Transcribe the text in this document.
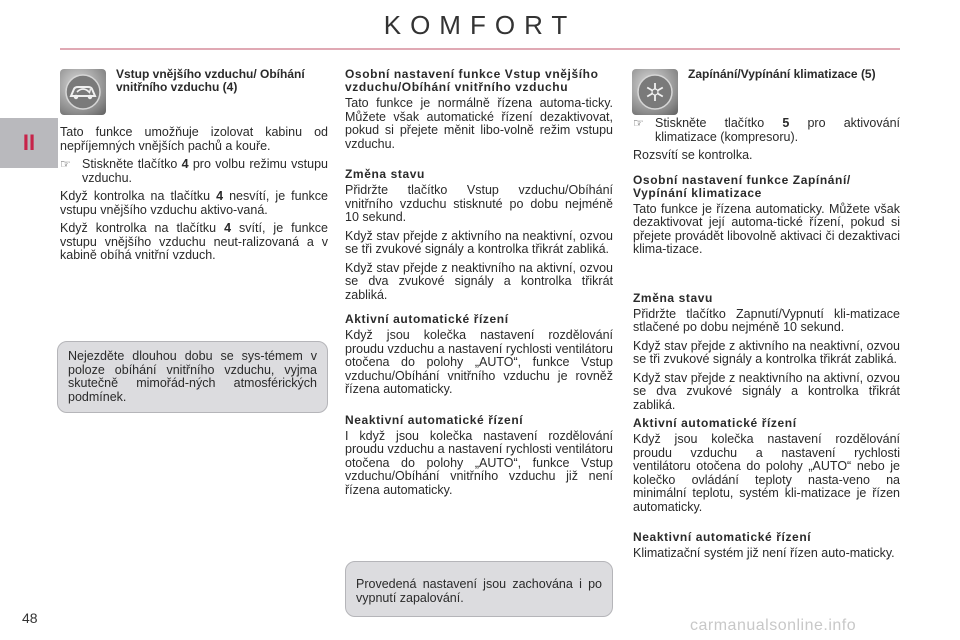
KOMFORT
II
48	carmanualsonline.info
Vstup vnějšího vzduchu/ Obíhání vnitřního vzduchu (4)

Tato funkce umožňuje izolovat kabinu od nepříjemných vnějších pachů a kouře.

☞ Stiskněte tlačítko 4 pro volbu režimu vstupu vzduchu.

Když kontrolka na tlačítku 4 nesvítí, je funkce vstupu vnějšího vzduchu aktivo-vaná.

Když kontrolka na tlačítku 4 svítí, je funkce vstupu vnějšího vzduchu neut-ralizovaná a v kabině obíhá vnitřní vzduch.

Nejezděte dlouhou dobu se sys-témem v poloze obíhání vnitřního vzduchu, vyjma skutečně mimořád-ných atmosférických podmínek.

Osobní nastavení funkce Vstup vnějšího vzduchu/Obíhání vnitřního vzduchu

Tato funkce je normálně řízena automa-ticky. Můžete však automatické řízení dezaktivovat, pokud si přejete měnit libo-volně režim vstupu vzduchu.

Změna stavu

Přidržte tlačítko Vstup vzduchu/Obíhání vnitřního vzduchu stisknuté po dobu nejméně 10 sekund.

Když stav přejde z aktivního na neaktivní, ozvou se tři zvukové signály a kontrolka třikrát zabliká.

Když stav přejde z neaktivního na aktivní, ozvou se dva zvukové signály a kontrolka třikrát zabliká.

Aktivní automatické řízení

Když jsou kolečka nastavení rozdělování proudu vzduchu a nastavení rychlosti ventilátoru otočena do polohy „AUTO“, funkce Vstup vzduchu/Obíhání vnitřního vzduchu je rovněž řízena automaticky.

Neaktivní automatické řízení

I když jsou kolečka nastavení rozdělování proudu vzduchu a nastavení rychlosti ventilátoru otočena do polohy „AUTO“, funkce Vstup vzduchu/Obíhání vnitřního vzduchu již není řízena automaticky.

Provedená nastavení jsou zachována i po vypnutí zapalování.

Zapínání/Vypínání klimatizace (5)
☞ Stiskněte tlačítko 5 pro aktivování klimatizace (kompresoru).

Rozsvítí se kontrolka.

Osobní nastavení funkce Zapínání/ Vypínání klimatizace

Tato funkce je řízena automaticky. Můžete však dezaktivovat její automa-tické řízení, pokud si přejete provádět libovolně aktivaci či dezaktivaci klima-tizace.

Změna stavu

Přidržte tlačítko Zapnutí/Vypnutí kli-matizace stlačené po dobu nejméně 10 sekund.

Když stav přejde z aktivního na neaktivní, ozvou se tři zvukové signály a kontrolka třikrát zabliká.

Když stav přejde z neaktivního na aktivní, ozvou se dva zvukové signály a kontrolka třikrát zabliká.

Aktivní automatické řízení

Když jsou kolečka nastavení rozdělování proudu vzduchu a nastavení rychlosti ventilátoru otočena do polohy „AUTO“ nebo je kolečko ovládání teploty nasta-veno na minimální teplotu, systém kli-matizace je řízen automaticky.

Neaktivní automatické řízení

Klimatizační systém již není řízen auto-maticky.
